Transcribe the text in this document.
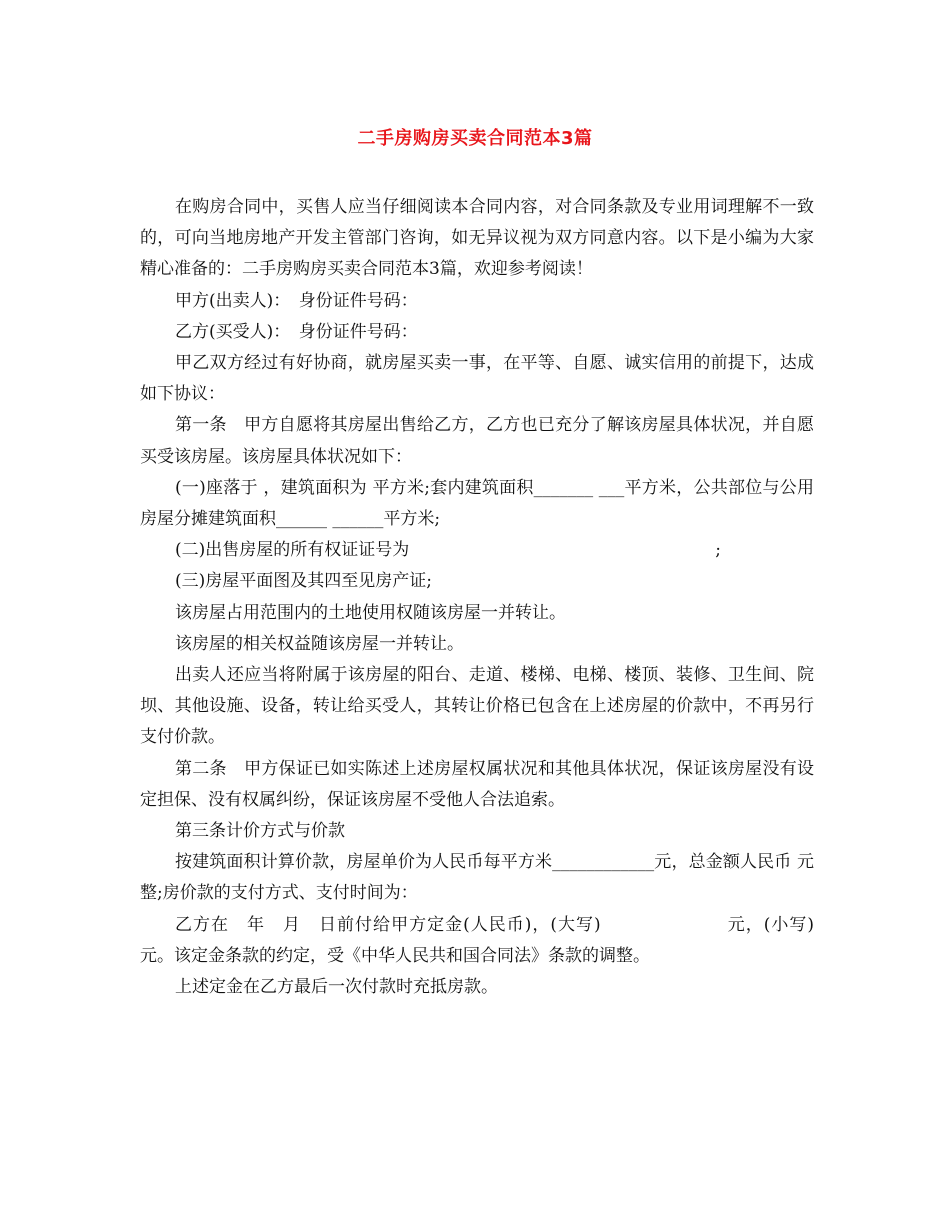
二手房购房买卖合同范本3篇

在购房合同中，买售人应当仔细阅读本合同内容，对合同条款及专业用词理解不一致的，可向当地房地产开发主管部门咨询，如无异议视为双方同意内容。以下是小编为大家精心准备的：二手房购房买卖合同范本3篇，欢迎参考阅读！

甲方(出卖人)：　身份证件号码：

乙方(买受人)：　身份证件号码：

甲乙双方经过有好协商，就房屋买卖一事，在平等、自愿、诚实信用的前提下，达成如下协议：

第一条　甲方自愿将其房屋出售给乙方，乙方也已充分了解该房屋具体状况，并自愿买受该房屋。该房屋具体状况如下：

(一)座落于 ，建筑面积为 平方米;套内建筑面积_______ ___平方米，公共部位与公用房屋分摊建筑面积______ ______平方米;

(二)出售房屋的所有权证证号为　　　　　　　　　　　　　　　　　　;

(三)房屋平面图及其四至见房产证;

该房屋占用范围内的土地使用权随该房屋一并转让。

该房屋的相关权益随该房屋一并转让。

出卖人还应当将附属于该房屋的阳台、走道、楼梯、电梯、楼顶、装修、卫生间、院坝、其他设施、设备，转让给买受人，其转让价格已包含在上述房屋的价款中，不再另行支付价款。

第二条　甲方保证已如实陈述上述房屋权属状况和其他具体状况，保证该房屋没有设定担保、没有权属纠纷，保证该房屋不受他人合法追索。

第三条计价方式与价款

按建筑面积计算价款，房屋单价为人民币每平方米____________元，总金额人民币 元整;房价款的支付方式、支付时间为：

乙方在　年　月　日前付给甲方定金(人民币)，(大写)　　　　　　　元，(小写) 元。该定金条款的约定，受《中华人民共和国合同法》条款的调整。

上述定金在乙方最后一次付款时充抵房款。
